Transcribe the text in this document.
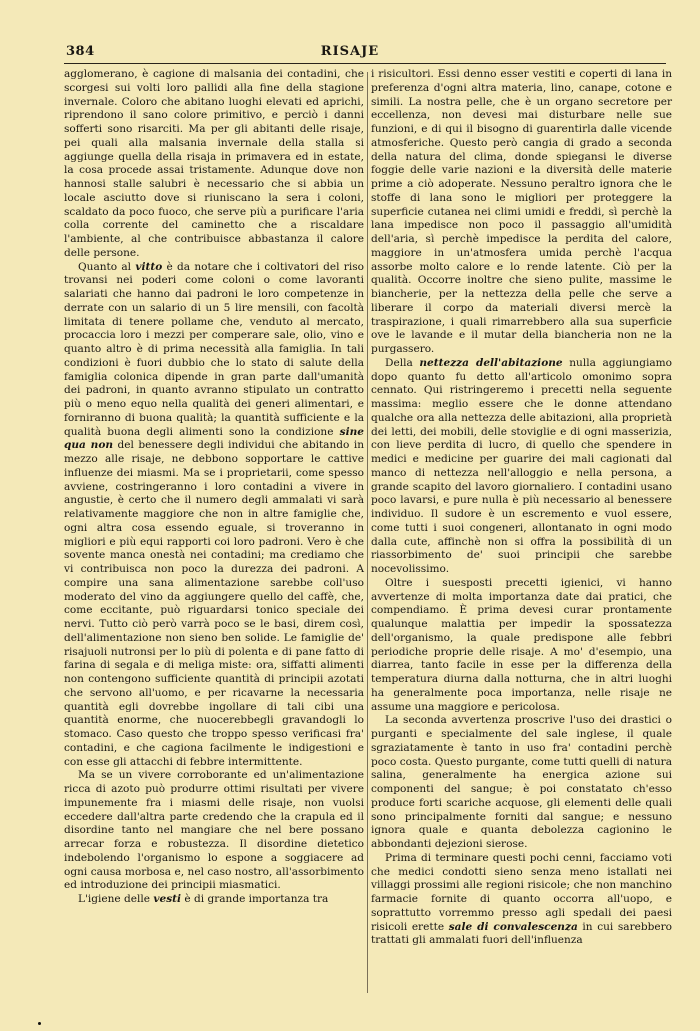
384	RISAJE

agglomerano, è cagione di malsania dei contadini, che scorgesi sui volti loro pallidi alla fine della stagione invernale. Coloro che abitano luoghi elevati ed aprichi, riprendono il sano colore primitivo, e perciò i danni sofferti sono risarciti. Ma per gli abitanti delle risaje, pei quali alla malsania invernale della stalla si aggiunge quella della risaja in primavera ed in estate, la cosa procede assai tristamente. Adunque dove non hannosi stalle salubri è necessario che si abbia un locale asciutto dove si riuniscano la sera i coloni, scaldato da poco fuoco, che serve più a purificare l'aria colla corrente del caminetto che a riscaldare l'ambiente, al che contribuisce abbastanza il calore delle persone.

Quanto al vitto è da notare che i coltivatori del riso trovansi nei poderi come coloni o come lavoranti salariati che hanno dai padroni le loro competenze in derrate con un salario di un 5 lire mensili, con facoltà limitata di tenere pollame che, venduto al mercato, procaccia loro i mezzi per comperare sale, olio, vino e quanto altro è di prima necessità alla famiglia. In tali condizioni è fuori dubbio che lo stato di salute della famiglia colonica dipende in gran parte dall'umanità dei padroni, in quanto avranno stipulato un contratto più o meno equo nella qualità dei generi alimentari, e forniranno di buona qualità; la quantità sufficiente e la qualità buona degli alimenti sono la condizione sine qua non del benessere degli individui che abitando in mezzo alle risaje, ne debbono sopportare le cattive influenze dei miasmi. Ma se i proprietarii, come spesso avviene, costringeranno i loro contadini a vivere in angustie, è certo che il numero degli ammalati vi sarà relativamente maggiore che non in altre famiglie che, ogni altra cosa essendo eguale, si troveranno in migliori e più equi rapporti coi loro padroni. Vero è che sovente manca onestà nei contadini; ma crediamo che vi contribuisca non poco la durezza dei padroni. A compire una sana alimentazione sarebbe coll'uso moderato del vino da aggiungere quello del caffè, che, come eccitante, può riguardarsi tonico speciale dei nervi. Tutto ciò però varrà poco se le basi, direm così, dell'alimentazione non sieno ben solide. Le famiglie de' risajuoli nutronsi per lo più di polenta e di pane fatto di farina di segala e di meliga miste: ora, siffatti alimenti non contengono sufficiente quantità di principii azotati che servono all'uomo, e per ricavarne la necessaria quantità egli dovrebbe ingollare di tali cibi una quantità enorme, che nuocerebbegli gravandogli lo stomaco. Caso questo che troppo spesso verificasi fra' contadini, e che cagiona facilmente le indigestioni e con esse gli attacchi di febbre intermittente.

Ma se un vivere corroborante ed un'alimentazione ricca di azoto può produrre ottimi risultati per vivere impunemente fra i miasmi delle risaje, non vuolsi eccedere dall'altra parte credendo che la crapula ed il disordine tanto nel mangiare che nel bere possano arrecar forza e robustezza. Il disordine dietetico indebolendo l'organismo lo espone a soggiacere ad ogni causa morbosa e, nel caso nostro, all'assorbimento ed introduzione dei principii miasmatici.

L'igiene delle vesti è di grande importanza tra

i risicultori. Essi denno esser vestiti e coperti di lana in preferenza d'ogni altra materia, lino, canape, cotone e simili. La nostra pelle, che è un organo secretore per eccellenza, non devesi mai disturbare nelle sue funzioni, e di qui il bisogno di guarentirla dalle vicende atmosferiche. Questo però cangia di grado a seconda della natura del clima, donde spiegansi le diverse foggie delle varie nazioni e la diversità delle materie prime a ciò adoperate. Nessuno peraltro ignora che le stoffe di lana sono le migliori per proteggere la superficie cutanea nei climi umidi e freddi, sì perchè la lana impedisce non poco il passaggio all'umidità dell'aria, sì perchè impedisce la perdita del calore, maggiore in un'atmosfera umida perchè l'acqua assorbe molto calore e lo rende latente. Ciò per la qualità. Occorre inoltre che sieno pulite, massime le biancherie, per la nettezza della pelle che serve a liberare il corpo da materiali diversi mercè la traspirazione, i quali rimarrebbero alla sua superficie ove le lavande e il mutar della biancheria non ne la purgassero.

Della nettezza dell'abitazione nulla aggiungiamo dopo quanto fu detto all'articolo omonimo sopra cennato. Qui ristringeremo i precetti nella seguente massima: meglio essere che le donne attendano qualche ora alla nettezza delle abitazioni, alla proprietà dei letti, dei mobili, delle stoviglie e di ogni masserizia, con lieve perdita di lucro, di quello che spendere in medici e medicine per guarire dei mali cagionati dal manco di nettezza nell'alloggio e nella persona, a grande scapito del lavoro giornaliero. I contadini usano poco lavarsi, e pure nulla è più necessario al benessere individuo. Il sudore è un escremento e vuol essere, come tutti i suoi congeneri, allontanato in ogni modo dalla cute, affinchè non si offra la possibilità di un riassorbimento de' suoi principii che sarebbe nocevolissimo.

Oltre i suesposti precetti igienici, vi hanno avvertenze di molta importanza date dai pratici, che compendiamo. È prima devesi curar prontamente qualunque malattia per impedir la spossatezza dell'organismo, la quale predispone alle febbri periodiche proprie delle risaje. A mo' d'esempio, una diarrea, tanto facile in esse per la differenza della temperatura diurna dalla notturna, che in altri luoghi ha generalmente poca importanza, nelle risaje ne assume una maggiore e pericolosa.

La seconda avvertenza proscrive l'uso dei drastici o purganti e specialmente del sale inglese, il quale sgraziatamente è tanto in uso fra' contadini perchè poco costa. Questo purgante, come tutti quelli di natura salina, generalmente ha energica azione sui componenti del sangue; è poi constatato ch'esso produce forti scariche acquose, gli elementi delle quali sono principalmente forniti dal sangue; e nessuno ignora quale e quanta debolezza cagionino le abbondanti dejezioni sierose.

Prima di terminare questi pochi cenni, facciamo voti che medici condotti sieno senza meno istallati nei villaggi prossimi alle regioni risicole; che non manchino farmacie fornite di quanto occorra all'uopo, e soprattutto vorremmo presso agli spedali dei paesi risicoli erette sale di convalescenza in cui sarebbero trattati gli ammalati fuori dell'influenza
